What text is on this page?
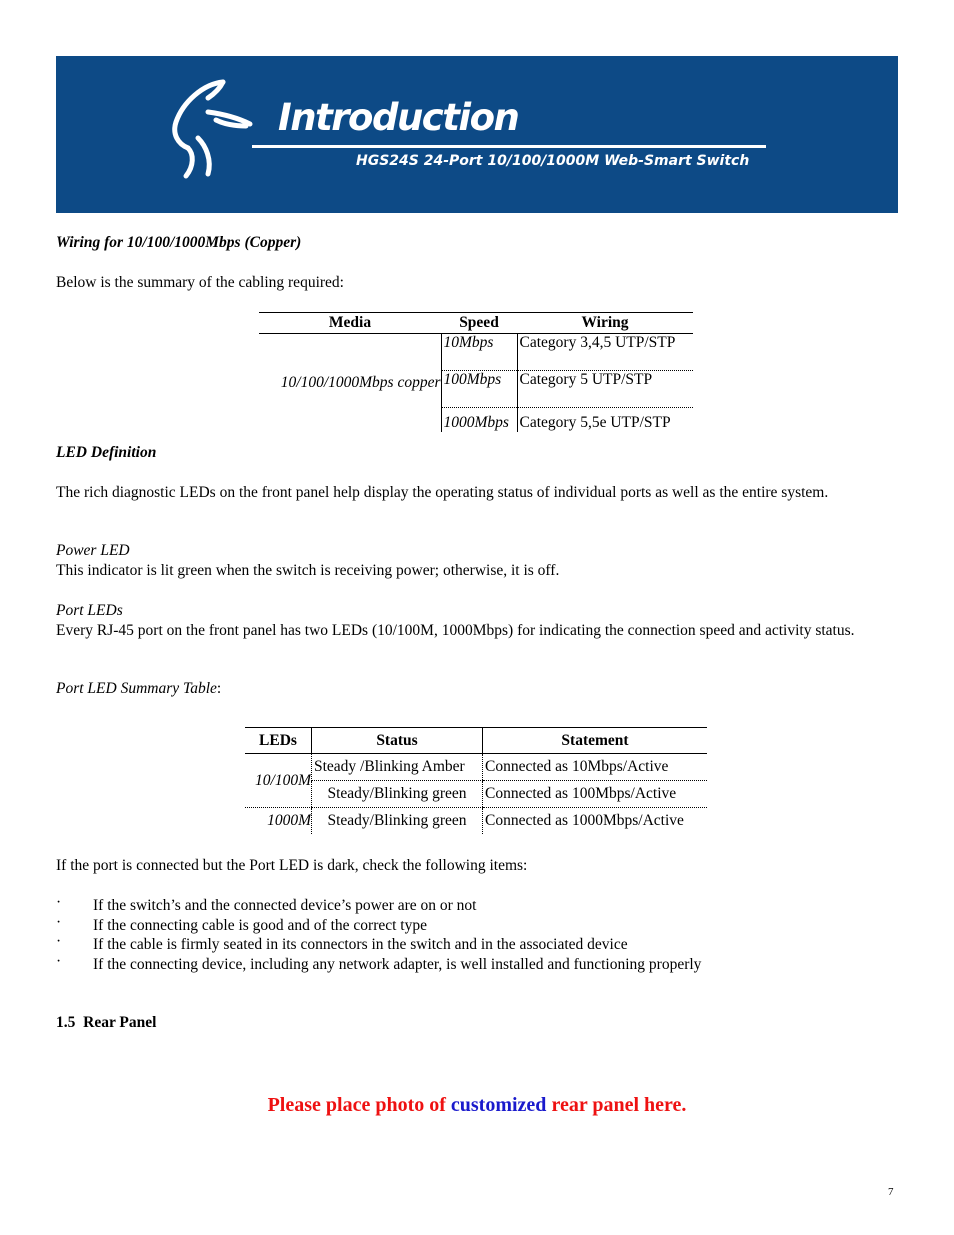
Introduction
HGS24S 24-Port 10/100/1000M Web-Smart Switch

Wiring for 10/100/1000Mbps (Copper)

Below is the summary of the cabling required:

Media	Speed	Wiring
10/100/1000Mbps copper	10Mbps	Category 3,4,5 UTP/STP
	100Mbps	Category 5 UTP/STP
	1000Mbps	Category 5,5e UTP/STP

LED Definition

The rich diagnostic LEDs on the front panel help display the operating status of individual ports as well as the entire system.

Power LED

This indicator is lit green when the switch is receiving power; otherwise, it is off.

Port LEDs

Every RJ-45 port on the front panel has two LEDs (10/100M, 1000Mbps) for indicating the connection speed and activity status.

Port LED Summary Table:

LEDs	Status	Statement
10/100M	Steady /Blinking Amber	Connected as 10Mbps/Active
	Steady/Blinking green	Connected as 100Mbps/Active
1000M	Steady/Blinking green	Connected as 1000Mbps/Active

If the port is connected but the Port LED is dark, check the following items:

· If the switch’s and the connected device’s power are on or not
· If the connecting cable is good and of the correct type
· If the cable is firmly seated in its connectors in the switch and in the associated device
· If the connecting device, including any network adapter, is well installed and functioning properly

1.5  Rear Panel

Please place photo of customized rear panel here.
7
